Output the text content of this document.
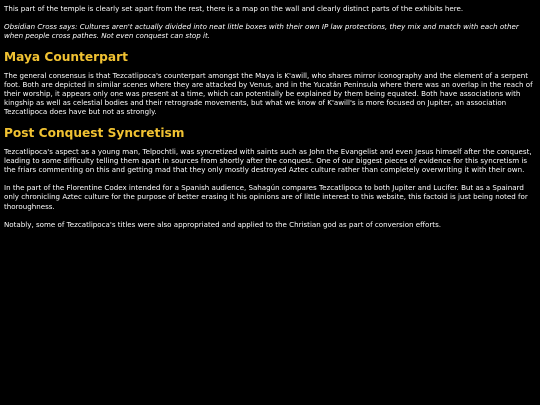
This part of the temple is clearly set apart from the rest, there is a map on the wall and clearly distinct parts of the exhibits here.

Obsidian Cross says: Cultures aren't actually divided into neat little boxes with their own IP law protections, they mix and match with each other when people cross pathes. Not even conquest can stop it.

Maya Counterpart

The general consensus is that Tezcatlipoca's counterpart amongst the Maya is K'awill, who shares mirror iconography and the element of a serpent foot. Both are depicted in similar scenes where they are attacked by Venus, and in the Yucatán Peninsula where there was an overlap in the reach of their worship, it appears only one was present at a time, which can potentially be explained by them being equated. Both have associations with kingship as well as celestial bodies and their retrograde movements, but what we know of K'awill's is more focused on Jupiter, an association Tezcatlipoca does have but not as strongly.

Post Conquest Syncretism

Tezcatlipoca's aspect as a young man, Telpochtli, was syncretized with saints such as John the Evangelist and even Jesus himself after the conquest, leading to some difficulty telling them apart in sources from shortly after the conquest. One of our biggest pieces of evidence for this syncretism is the friars commenting on this and getting mad that they only mostly destroyed Aztec culture rather than completely overwriting it with their own.

In the part of the Florentine Codex intended for a Spanish audience, Sahagún compares Tezcatlipoca to both Jupiter and Lucifer. But as a Spainard only chronicling Aztec culture for the purpose of better erasing it his opinions are of little interest to this website, this factoid is just being noted for thoroughness.

Notably, some of Tezcatlipoca's titles were also appropriated and applied to the Christian god as part of conversion efforts.
